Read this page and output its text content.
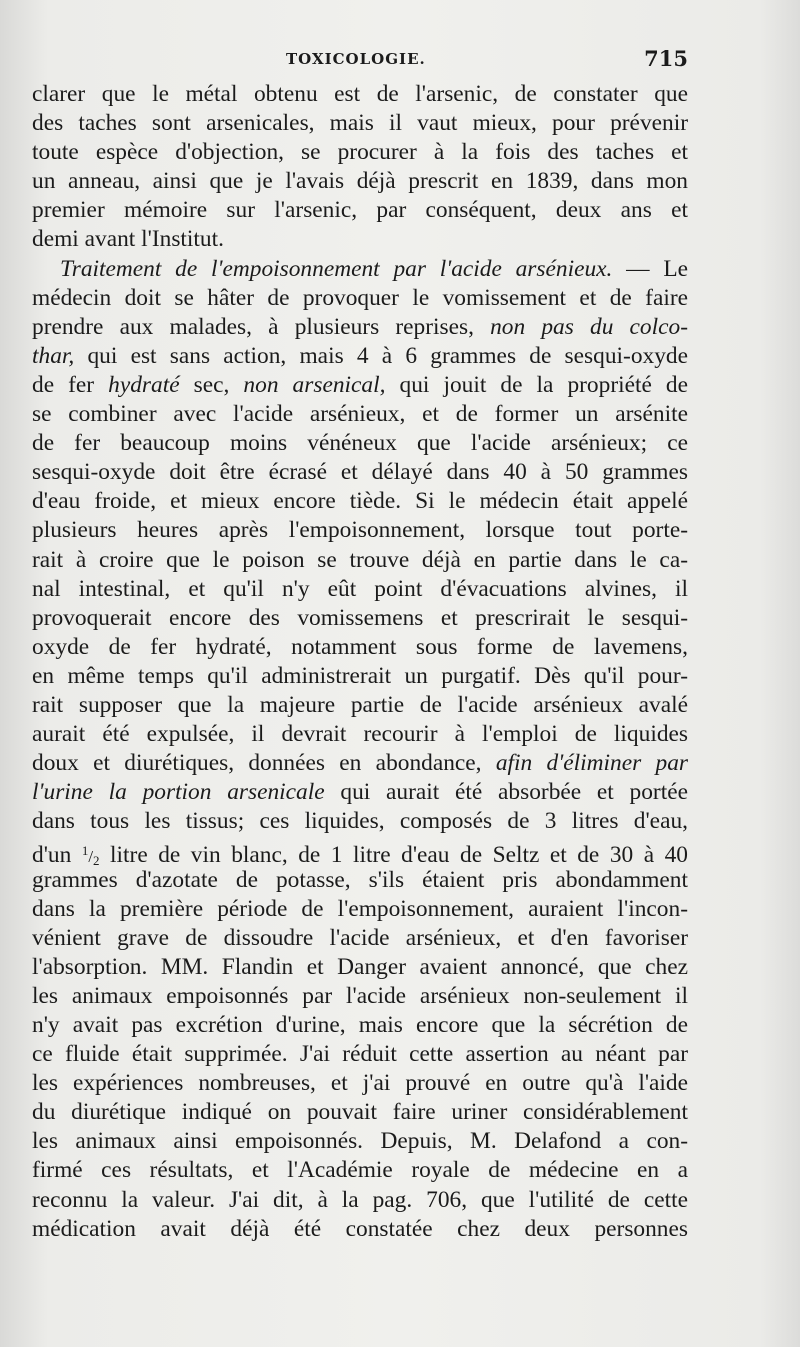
TOXICOLOGIE.	715
clarer que le métal obtenu est de l'arsenic, de constater que
des taches sont arsenicales, mais il vaut mieux, pour prévenir
toute espèce d'objection, se procurer à la fois des taches et
un anneau, ainsi que je l'avais déjà prescrit en 1839, dans mon
premier mémoire sur l'arsenic, par conséquent, deux ans et
demi avant l'Institut.
Traitement de l'empoisonnement par l'acide arsénieux. — Le
médecin doit se hâter de provoquer le vomissement et de faire
prendre aux malades, à plusieurs reprises, non pas du colco-
thar, qui est sans action, mais 4 à 6 grammes de sesqui-oxyde
de fer hydraté sec, non arsenical, qui jouit de la propriété de
se combiner avec l'acide arsénieux, et de former un arsénite
de fer beaucoup moins vénéneux que l'acide arsénieux; ce
sesqui-oxyde doit être écrasé et délayé dans 40 à 50 grammes
d'eau froide, et mieux encore tiède. Si le médecin était appelé
plusieurs heures après l'empoisonnement, lorsque tout porte-
rait à croire que le poison se trouve déjà en partie dans le ca-
nal intestinal, et qu'il n'y eût point d'évacuations alvines, il
provoquerait encore des vomissemens et prescrirait le sesqui-
oxyde de fer hydraté, notamment sous forme de lavemens,
en même temps qu'il administrerait un purgatif. Dès qu'il pour-
rait supposer que la majeure partie de l'acide arsénieux avalé
aurait été expulsée, il devrait recourir à l'emploi de liquides
doux et diurétiques, données en abondance, afin d'éliminer par
l'urine la portion arsenicale qui aurait été absorbée et portée
dans tous les tissus; ces liquides, composés de 3 litres d'eau,
d'un $^1/_2$ litre de vin blanc, de 1 litre d'eau de Seltz et de 30 à 40
grammes d'azotate de potasse, s'ils étaient pris abondamment
dans la première période de l'empoisonnement, auraient l'incon-
vénient grave de dissoudre l'acide arsénieux, et d'en favoriser
l'absorption. MM. Flandin et Danger avaient annoncé, que chez
les animaux empoisonnés par l'acide arsénieux non-seulement il
n'y avait pas excrétion d'urine, mais encore que la sécrétion de
ce fluide était supprimée. J'ai réduit cette assertion au néant par
les expériences nombreuses, et j'ai prouvé en outre qu'à l'aide
du diurétique indiqué on pouvait faire uriner considérablement
les animaux ainsi empoisonnés. Depuis, M. Delafond a con-
firmé ces résultats, et l'Académie royale de médecine en a
reconnu la valeur. J'ai dit, à la pag. 706, que l'utilité de cette
médication avait déjà été constatée chez deux personnes
